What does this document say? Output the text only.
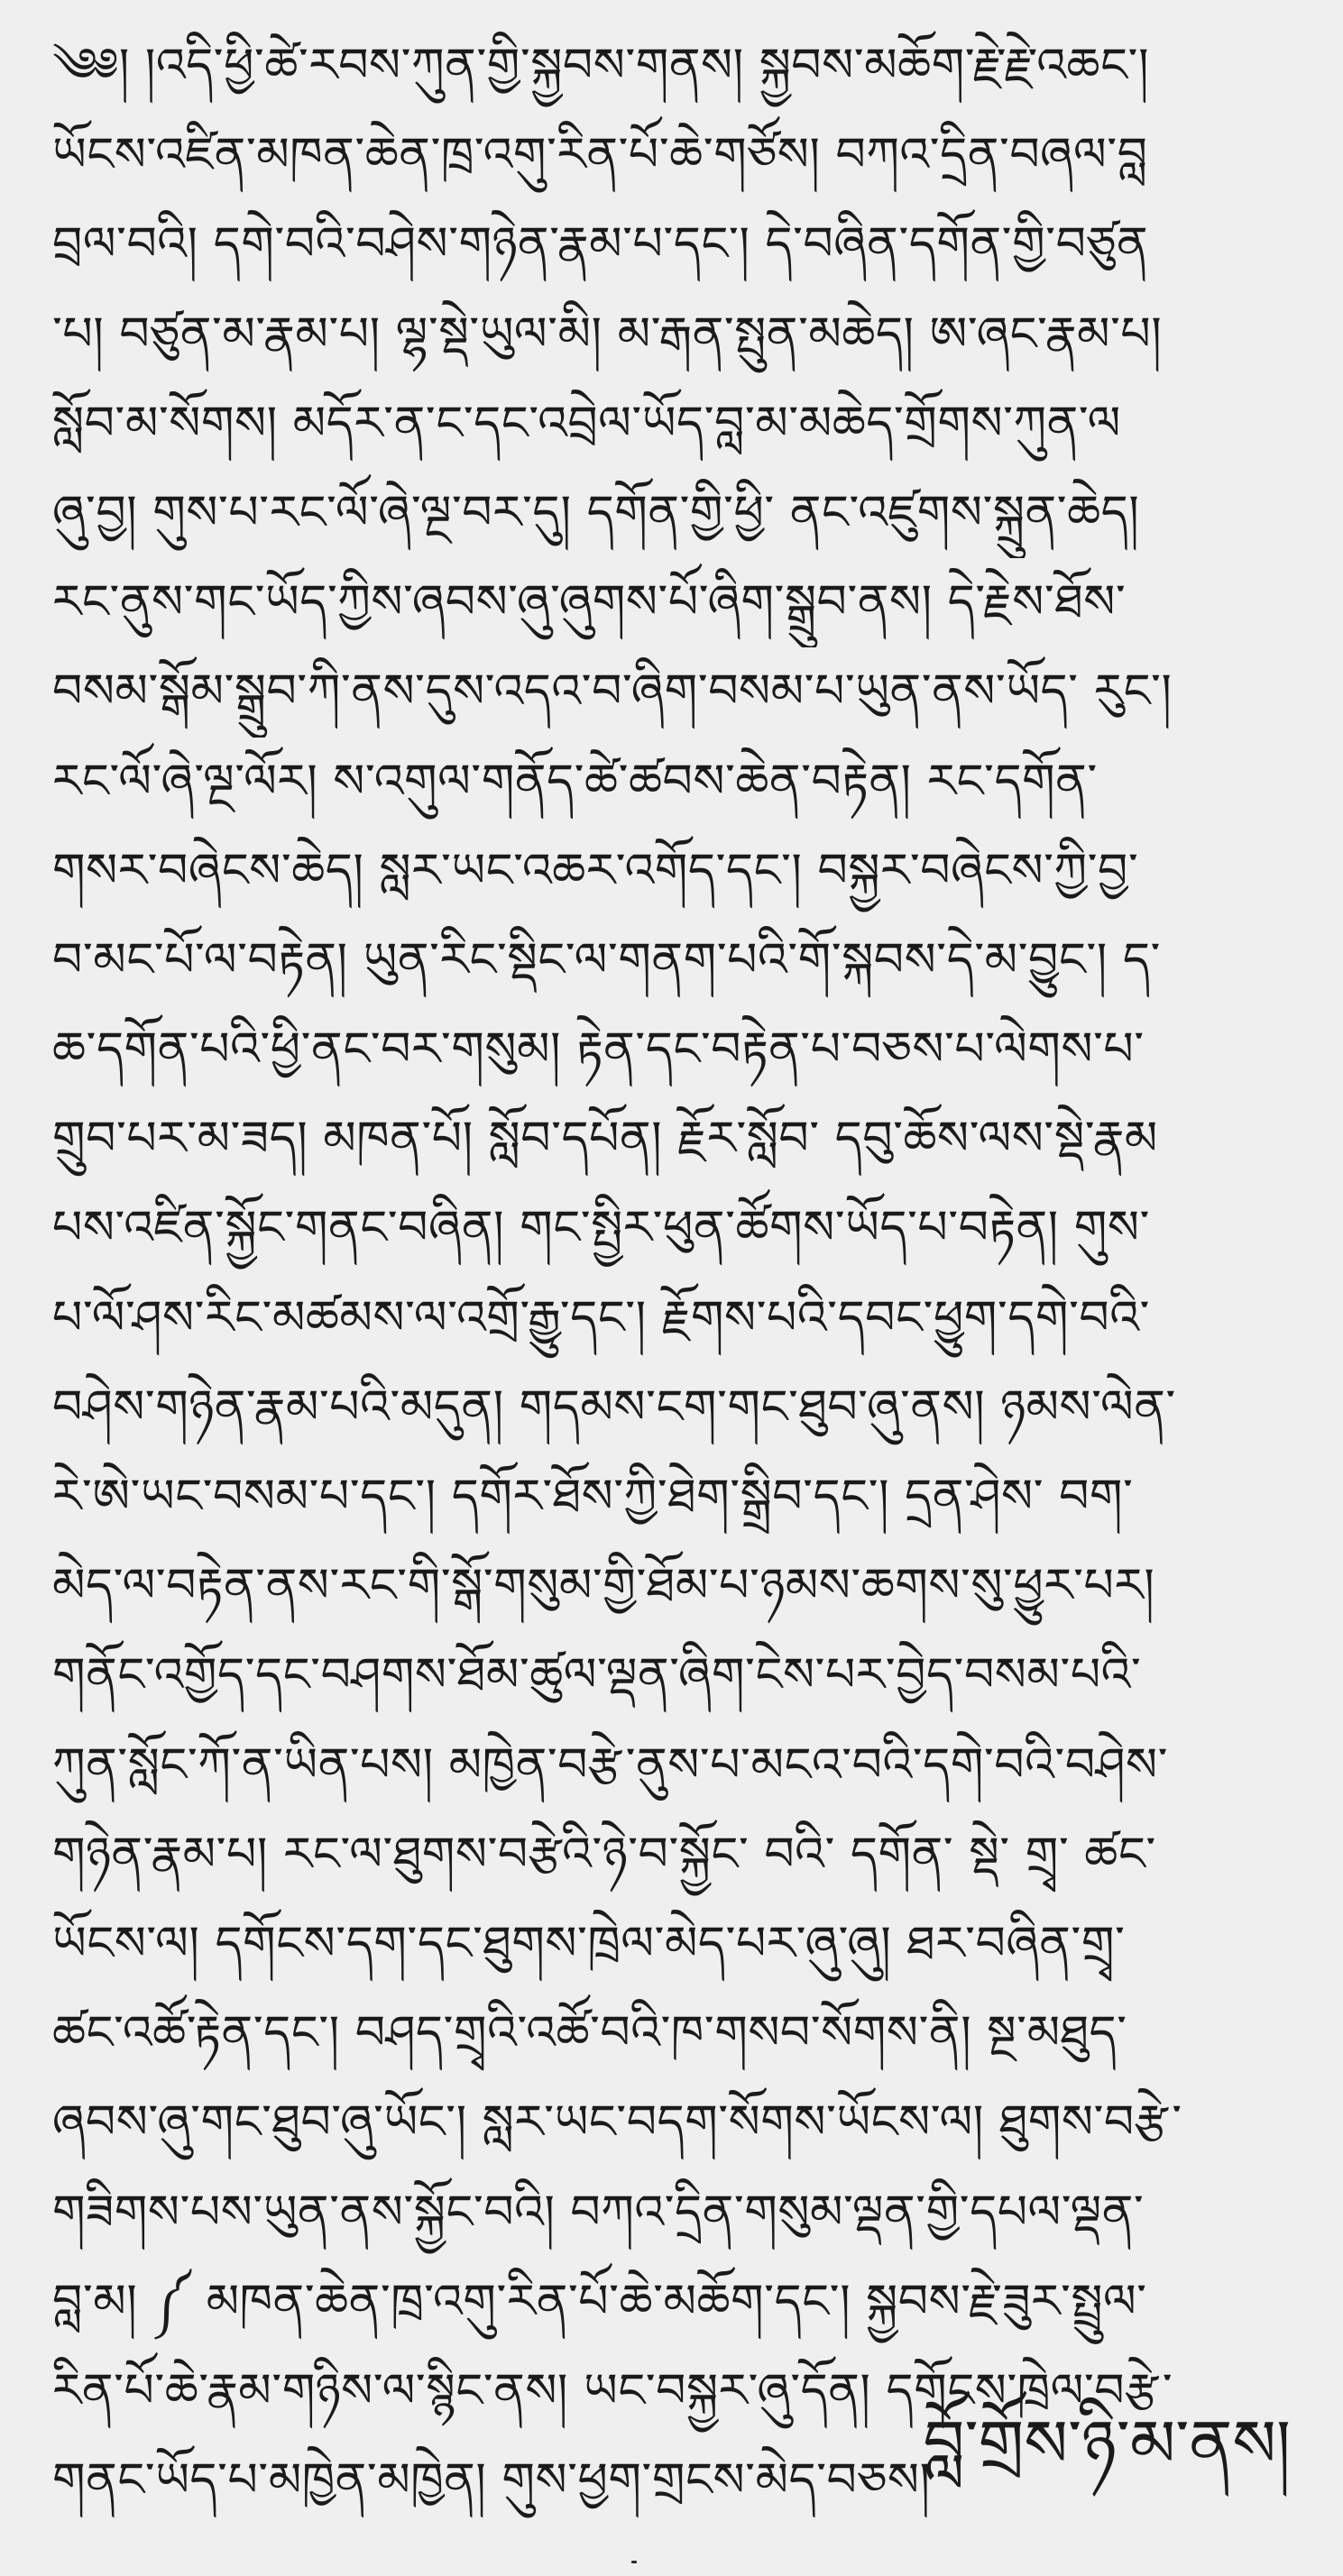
༄༅། །འདི་ཕྱི་ཚེ་རབས་ཀུན་གྱི་སྐྱབས་གནས། སྐྱབས་མཆོག་རྗེ་རྗེ་འཆང་།
ཡོངས་འཛིན་མཁན་ཆེན་ཁྲ་འགུ་རིན་པོ་ཆེ་གཙོས། བཀའ་དྲིན་བཞལ་བླ
བྲལ་བའི། དགེ་བའི་བཤེས་གཉེན་རྣམ་པ་དང་། དེ་བཞིན་དགོན་གྱི་བཙུན
་པ། བཙུན་མ་རྣམ་པ། ལྷ་སྡེ་ཡུལ་མི། མ་རྒན་སྤུན་མཆེད། ཨ་ཞང་རྣམ་པ།
སློབ་མ་སོགས། མདོར་ན་ང་དང་འབྲེལ་ཡོད་བླ་མ་མཆེད་གྲོགས་ཀུན་ལ
ཞུ་བྱ། གུས་པ་རང་ལོ་ཞེ་ལྔ་བར་དུ། དགོན་གྱི་ཕྱི་ ནང་འཛུགས་སྐྲུན་ཆེད།
རང་ནུས་གང་ཡོད་ཀྱིས་ཞབས་ཞུ་ཞུགས་པོ་ཞིག་སྒྲུབ་ནས། དེ་རྗེས་ཐོས་
བསམ་སྒོམ་སྒྲུབ་ཀི་ནས་དུས་འདའ་བ་ཞིག་བསམ་པ་ཡུན་ནས་ཡོད་ རུང་།
རང་ལོ་ཞེ་ལྔ་ལོར། ས་འགུལ་གནོད་ཚེ་ཚབས་ཆེན་བརྟེན། རང་དགོན་
གསར་བཞེངས་ཆེད། སླར་ཡང་འཆར་འགོད་དང་། བསྐྱར་བཞེངས་ཀྱི་བྱ་
བ་མང་པོ་ལ་བརྟེན། ཡུན་རིང་སྡིང་ལ་གནག་པའི་གོ་སྐབས་དེ་མ་བྱུང་། ད་
ཆ་དགོན་པའི་ཕྱི་ནང་བར་གསུམ། རྟེན་དང་བརྟེན་པ་བཅས་པ་ལེགས་པ་
གྲུབ་པར་མ་ཟད། མཁན་པོ། སློབ་དཔོན། རྗོར་སློབ་ དབུ་ཆོས་ལས་སྡེ་རྣམ
པས་འཛིན་སྐྱོང་གནང་བཞིན། གང་སྤྱིར་ཕུན་ཚོགས་ཡོད་པ་བརྟེན། གུས་
པ་ལོ་ཤས་རིང་མཚམས་ལ་འགྲོ་རྒྱུ་དང་། རྗོགས་པའི་དབང་ཕྱུག་དགེ་བའི་
བཤེས་གཉེན་རྣམ་པའི་མདུན། གདམས་ངག་གང་ཐུབ་ཞུ་ནས། ཉམས་ལེན་
རེ་ཨེ་ཡང་བསམ་པ་དང་། དགོར་ཐོས་ཀྱི་ཐེག་སྒྲིབ་དང་། དྲན་ཤེས་ བག་
མེད་ལ་བརྟེན་ནས་རང་གི་སྒོ་གསུམ་གྱི་ཐོམ་པ་ཉམས་ཆགས་སུ་ཕྱུར་པར།
གནོང་འགྱོད་དང་བཤགས་ཐོམ་ཚུལ་ལྡན་ཞིག་ངེས་པར་བྱེད་བསམ་པའི་
ཀུན་སློང་ཀོ་ན་ཡིན་པས། མཁྱེན་བརྩེ་ནུས་པ་མངའ་བའི་དགེ་བའི་བཤེས་
གཉེན་རྣམ་པ། རང་ལ་ཐུགས་བརྩེའི་ཉེ་བ་སྐྱོང་ བའི་ དགོན་ སྡེ་ གྲྭ་ ཚང་
ཡོངས་ལ། དགོངས་དག་དང་ཐུགས་ཁྲེལ་མེད་པར་ཞུ་ཞུ། ཐར་བཞིན་གྲྭ་
ཚང་འཚོ་རྟེན་དང་། བཤད་གྲྭའི་འཚོ་བའི་ཁ་གསབ་སོགས་ནི། སྔ་མཐུད་
ཞབས་ཞུ་གང་ཐུབ་ཞུ་ཡོང་། སླར་ཡང་བདག་སོགས་ཡོངས་ལ། ཐུགས་བརྩེ་
གཟིགས་པས་ཡུན་ནས་སྐྱོང་བའི། བཀའ་དྲིན་གསུམ་ལྡན་གྱི་དཔལ་ལྡན་
བླ་མ། ༼ མཁན་ཆེན་ཁྲ་འགུ་རིན་པོ་ཆེ་མཆོག་དང་། སྐྱབས་རྗེ་ཟུར་སྤྲུལ་
རིན་པོ་ཆེ་རྣམ་གཉིས་ལ་སྙིང་ནས། ཡང་བསྐྱར་ཞུ་དོན། དགོངས་ཁྲེལ་བརྩེ་
གནང་ཡོད་པ་མཁྱེན་མཁྱེན། གུས་ཕྱག་གྲངས་མེད་བཅས།
བློ་གྲོས་ཉི་མ་ནས།
